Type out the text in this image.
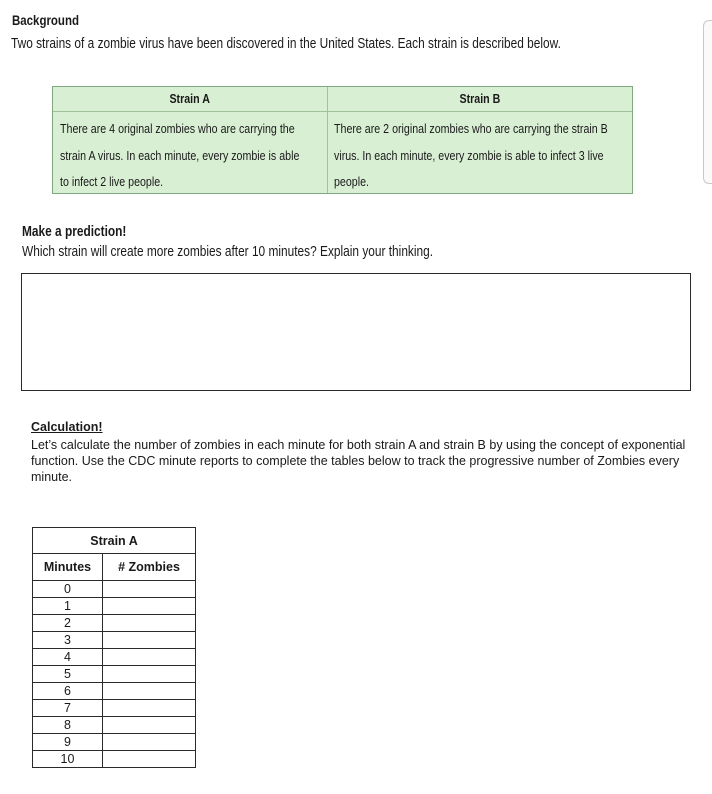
Background
Two strains of a zombie virus have been discovered in the United States. Each strain is described below.
Strain A
There are 4 original zombies who are carrying the
strain A virus. In each minute, every zombie is able
to infect 2 live people.
Strain B
There are 2 original zombies who are carrying the strain B
virus. In each minute, every zombie is able to infect 3 live
people.
Make a prediction!
Which strain will create more zombies after 10 minutes? Explain your thinking.
Calculation!
Let’s calculate the number of zombies in each minute for both strain A and strain B by using the concept of exponential function. Use the CDC minute reports to complete the tables below to track the progressive number of Zombies every minute.
Strain A	
Minutes	# Zombies
0	
1	
2	
3	
4	
5	
6	
7	
8	
9	
10	
